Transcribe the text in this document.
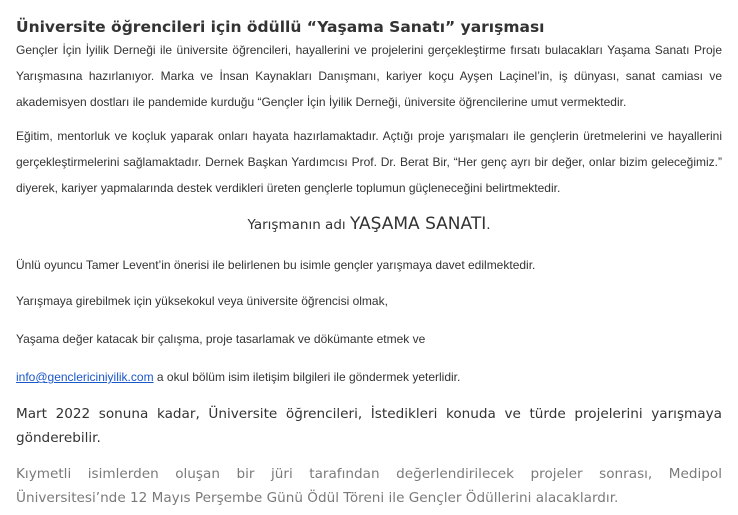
Üniversite öğrencileri için ödüllü “Yaşama Sanatı” yarışması

Gençler İçin İyilik Derneği ile üniversite öğrencileri, hayallerini ve projelerini gerçekleştirme fırsatı bulacakları Yaşama Sanatı Proje Yarışmasına hazırlanıyor. Marka ve İnsan Kaynakları Danışmanı, kariyer koçu Ayşen Laçinel’in, iş dünyası, sanat camiası ve akademisyen dostları ile pandemide kurduğu “Gençler İçin İyilik Derneği, üniversite öğrencilerine umut vermektedir.

Eğitim, mentorluk ve koçluk yaparak onları hayata hazırlamaktadır. Açtığı proje yarışmaları ile gençlerin üretmelerini ve hayallerini gerçekleştirmelerini sağlamaktadır. Dernek Başkan Yardımcısı Prof. Dr. Berat Bir, “Her genç ayrı bir değer, onlar bizim geleceğimiz.” diyerek, kariyer yapmalarında destek verdikleri üreten gençlerle toplumun güçleneceğini belirtmektedir.

Yarışmanın adı YAŞAMA SANATI.

Ünlü oyuncu Tamer Levent’in önerisi ile belirlenen bu isimle gençler yarışmaya davet edilmektedir.

Yarışmaya girebilmek için yüksekokul veya üniversite öğrencisi olmak,

Yaşama değer katacak bir çalışma, proje tasarlamak ve dökümante etmek ve

info@genclericiniyilik.com a okul bölüm isim iletişim bilgileri ile göndermek yeterlidir.

Mart 2022 sonuna kadar, Üniversite öğrencileri, İstedikleri konuda ve türde projelerini yarışmaya gönderebilir.

Kıymetli isimlerden oluşan bir jüri tarafından değerlendirilecek projeler sonrası, Medipol Üniversitesi’nde 12 Mayıs Perşembe Günü Ödül Töreni ile Gençler Ödüllerini alacaklardır.
